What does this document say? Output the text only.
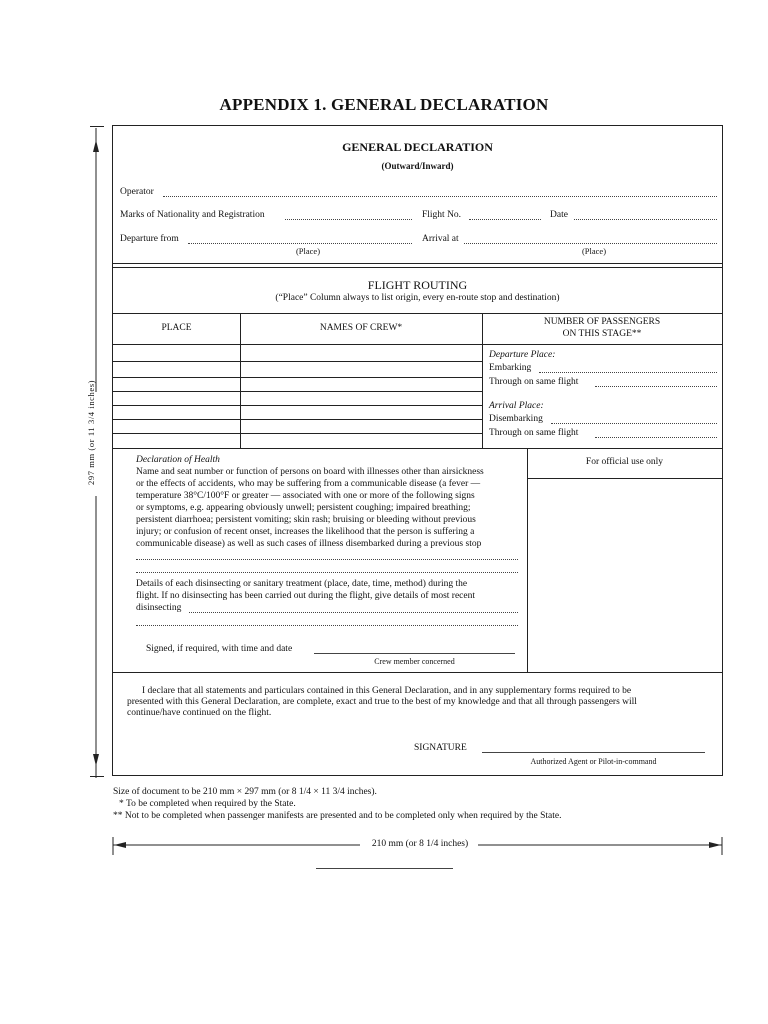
APPENDIX 1. GENERAL DECLARATION
297 mm (or 11 3/4 inches)
GENERAL DECLARATION
(Outward/Inward)
Operator
Marks of Nationality and Registration	Flight No.	Date
Departure from	Arrival at
(Place)	(Place)
FLIGHT ROUTING
(“Place” Column always to list origin, every en-route stop and destination)
PLACE	NAMES OF CREW*
NUMBER OF PASSENGERS
ON THIS STAGE**
Departure Place:
Embarking
Through on same flight
Arrival Place:
Disembarking
Through on same flight
For official use only
Declaration of Health
Name and seat number or function of persons on board with illnesses other than airsickness
or the effects of accidents, who may be suffering from a communicable disease (a fever —
temperature 38°C/100°F or greater — associated with one or more of the following signs
or symptoms, e.g. appearing obviously unwell; persistent coughing; impaired breathing;
persistent diarrhoea; persistent vomiting; skin rash; bruising or bleeding without previous
injury; or confusion of recent onset, increases the likelihood that the person is suffering a
communicable disease) as well as such cases of illness disembarked during a previous stop
Details of each disinsecting or sanitary treatment (place, date, time, method) during the
flight. If no disinsecting has been carried out during the flight, give details of most recent
disinsecting
Signed, if required, with time and date
Crew member concerned
I declare that all statements and particulars contained in this General Declaration, and in any supplementary forms required to be
presented with this General Declaration, are complete, exact and true to the best of my knowledge and that all through passengers will
continue/have continued on the flight.
SIGNATURE
Authorized Agent or Pilot-in-command
Size of document to be 210 mm × 297 mm (or 8 1/4 × 11 3/4 inches).
* To be completed when required by the State.
** Not to be completed when passenger manifests are presented and to be completed only when required by the State.
210 mm (or 8 1/4 inches)
